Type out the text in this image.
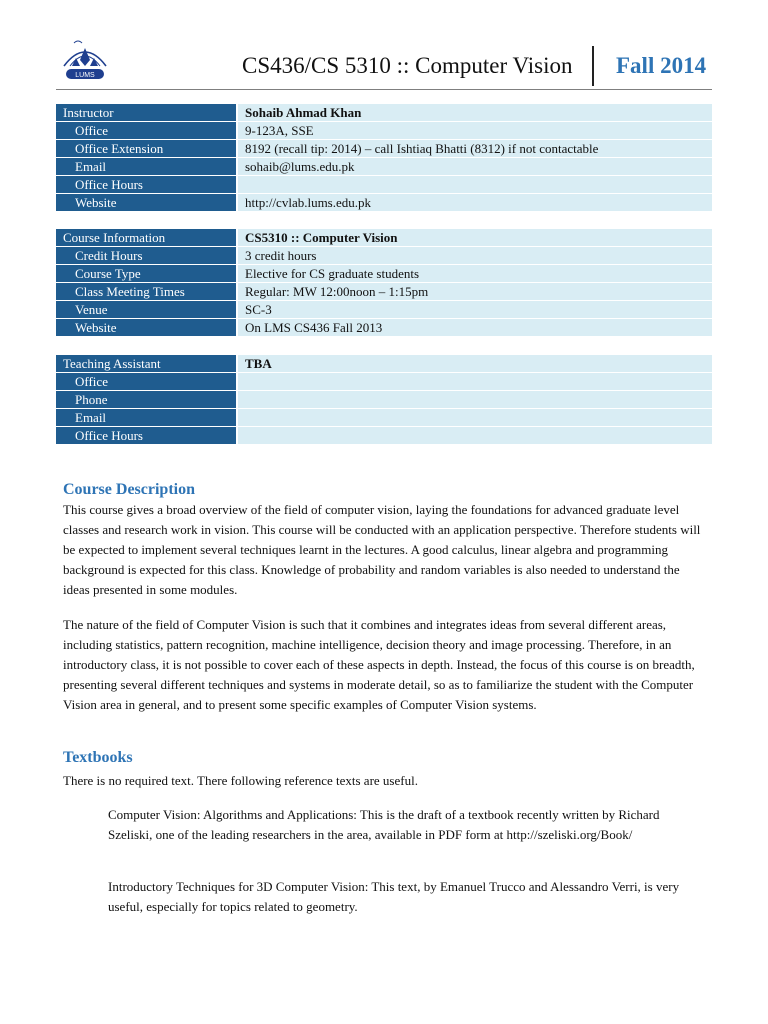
LUMS	CS436/CS 5310 :: Computer Vision Fall 2014
Instructor	Sohaib Ahmad Khan
Office	9-123A, SSE
Office Extension	8192 (recall tip: 2014) – call Ishtiaq Bhatti (8312) if not contactable
Email	sohaib@lums.edu.pk
Office Hours
Website	http://cvlab.lums.edu.pk
Course Information	CS5310 :: Computer Vision
Credit Hours	3 credit hours
Course Type	Elective for CS graduate students
Class Meeting Times	Regular: MW 12:00noon – 1:15pm
Venue	SC-3
Website	On LMS CS436 Fall 2013
Teaching Assistant	TBA
Office
Phone
Email
Office Hours
Course Description
This course gives a broad overview of the field of computer vision, laying the foundations for advanced graduate level classes and research work in vision. This course will be conducted with an application perspective. Therefore students will be expected to implement several techniques learnt in the lectures. A good calculus, linear algebra and programming background is expected for this class. Knowledge of probability and random variables is also needed to understand the ideas presented in some modules.
The nature of the field of Computer Vision is such that it combines and integrates ideas from several different areas, including statistics, pattern recognition, machine intelligence, decision theory and image processing. Therefore, in an introductory class, it is not possible to cover each of these aspects in depth. Instead, the focus of this course is on breadth, presenting several different techniques and systems in moderate detail, so as to familiarize the student with the Computer Vision area in general, and to present some specific examples of Computer Vision systems.
Textbooks
There is no required text. There following reference texts are useful.
Computer Vision: Algorithms and Applications: This is the draft of a textbook recently written by Richard Szeliski, one of the leading researchers in the area, available in PDF form at http://szeliski.org/Book/
Introductory Techniques for 3D Computer Vision: This text, by Emanuel Trucco and Alessandro Verri, is very useful, especially for topics related to geometry.
